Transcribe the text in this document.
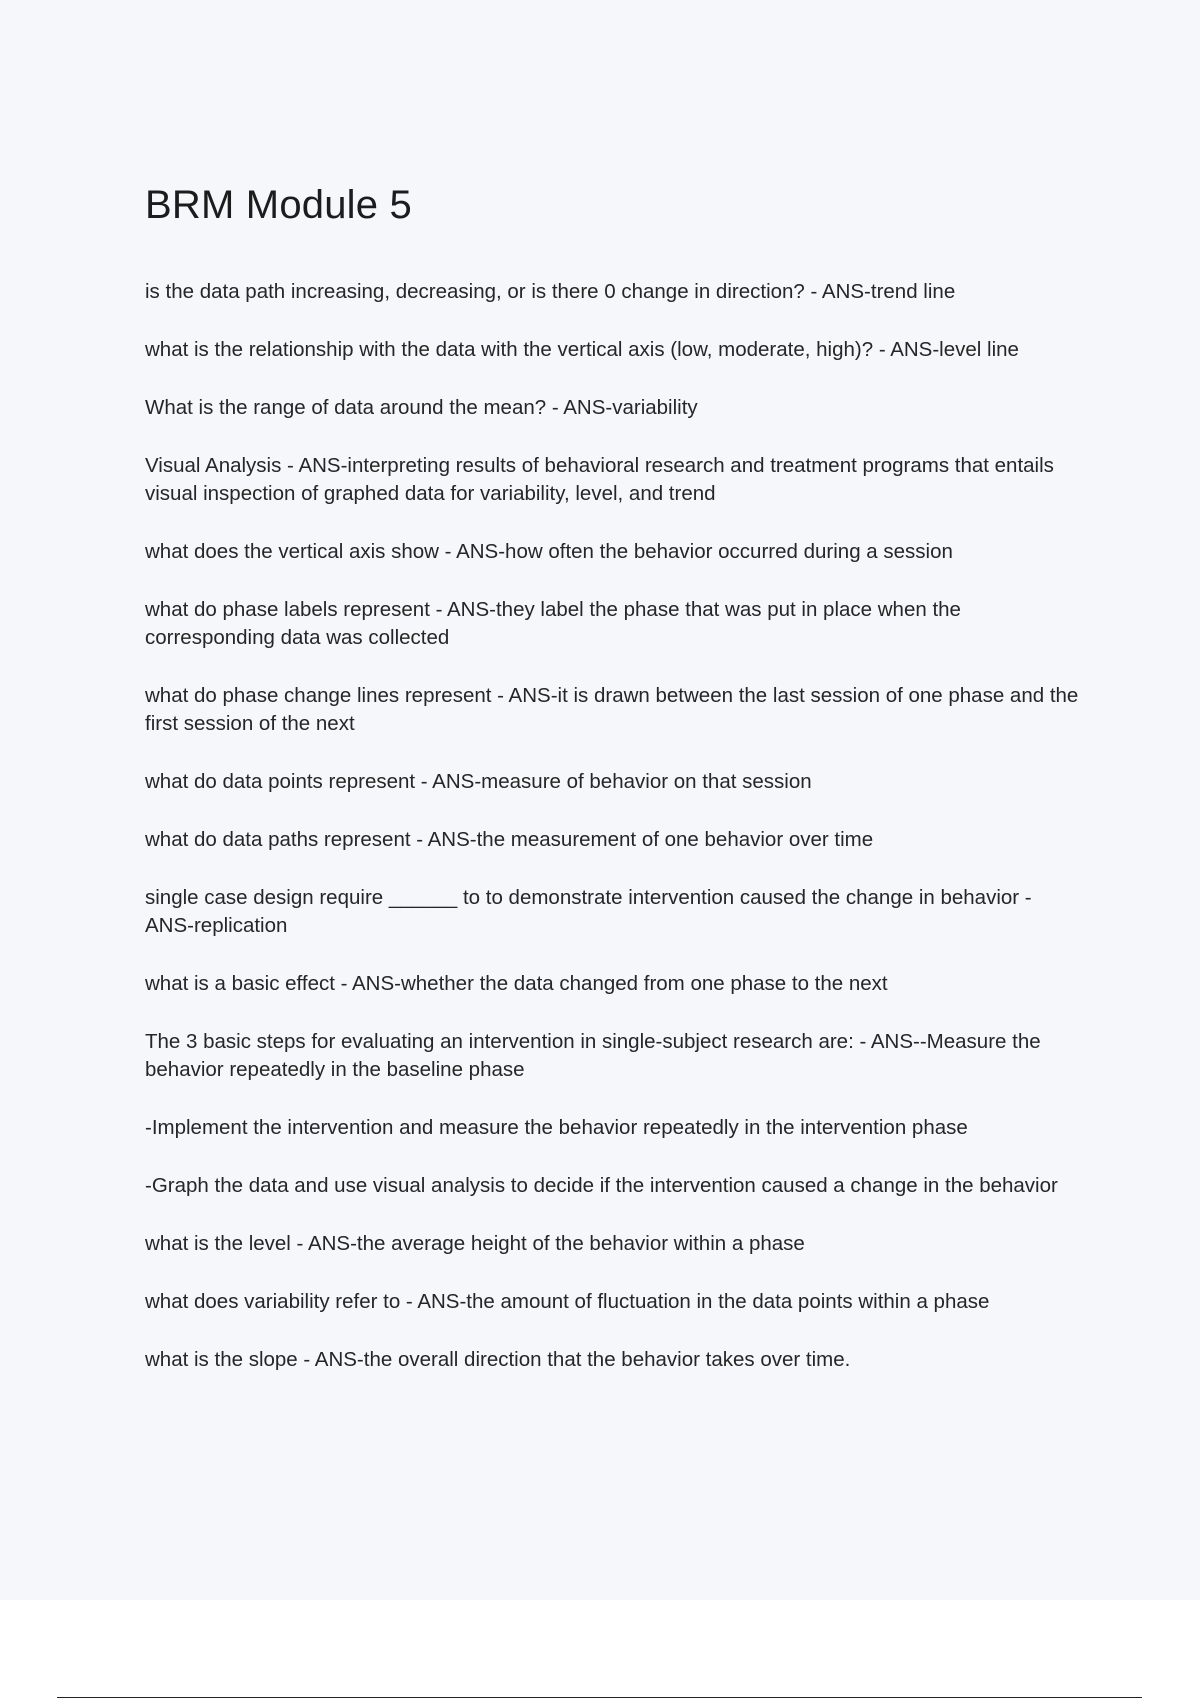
BRM Module 5

is the data path increasing, decreasing, or is there 0 change in direction? - ANS-trend line

what is the relationship with the data with the vertical axis (low, moderate, high)? - ANS-level line

What is the range of data around the mean? - ANS-variability

Visual Analysis - ANS-interpreting results of behavioral research and treatment programs that entails visual inspection of graphed data for variability, level, and trend

what does the vertical axis show - ANS-how often the behavior occurred during a session

what do phase labels represent - ANS-they label the phase that was put in place when the corresponding data was collected

what do phase change lines represent - ANS-it is drawn between the last session of one phase and the first session of the next

what do data points represent - ANS-measure of behavior on that session

what do data paths represent - ANS-the measurement of one behavior over time

single case design require ______ to to demonstrate intervention caused the change in behavior - ANS-replication

what is a basic effect - ANS-whether the data changed from one phase to the next

The 3 basic steps for evaluating an intervention in single-subject research are: - ANS--Measure the behavior repeatedly in the baseline phase

-Implement the intervention and measure the behavior repeatedly in the intervention phase

-Graph the data and use visual analysis to decide if the intervention caused a change in the behavior

what is the level - ANS-the average height of the behavior within a phase

what does variability refer to - ANS-the amount of fluctuation in the data points within a phase

what is the slope - ANS-the overall direction that the behavior takes over time.
